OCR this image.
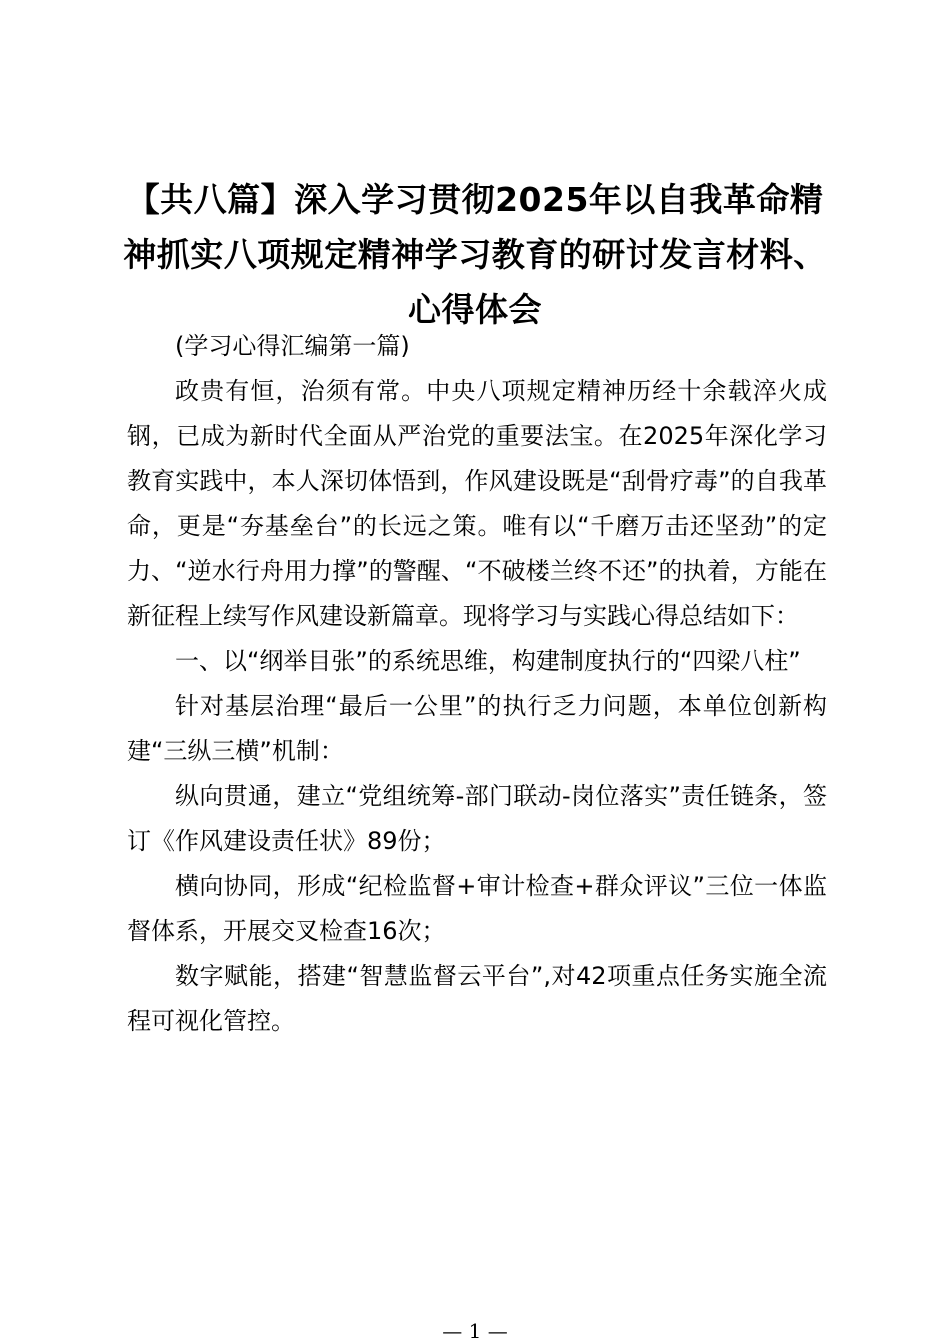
【共八篇】深入学习贯彻2025年以自我革命精神抓实八项规定精神学习教育的研讨发言材料、心得体会

(学习心得汇编第一篇)

政贵有恒，治须有常。中央八项规定精神历经十余载淬火成钢，已成为新时代全面从严治党的重要法宝。在2025年深化学习教育实践中，本人深切体悟到，作风建设既是“刮骨疗毒”的自我革命，更是“夯基垒台”的长远之策。唯有以“千磨万击还坚劲”的定力、“逆水行舟用力撑”的警醒、“不破楼兰终不还”的执着，方能在新征程上续写作风建设新篇章。现将学习与实践心得总结如下：

一、以“纲举目张”的系统思维，构建制度执行的“四梁八柱”

针对基层治理“最后一公里”的执行乏力问题，本单位创新构建“三纵三横”机制：

纵向贯通，建立“党组统筹-部门联动-岗位落实”责任链条，签订《作风建设责任状》89份；

横向协同，形成“纪检监督+审计检查+群众评议”三位一体监督体系，开展交叉检查16次；

数字赋能，搭建“智慧监督云平台”,对42项重点任务实施全流程可视化管控。

— 1 —
